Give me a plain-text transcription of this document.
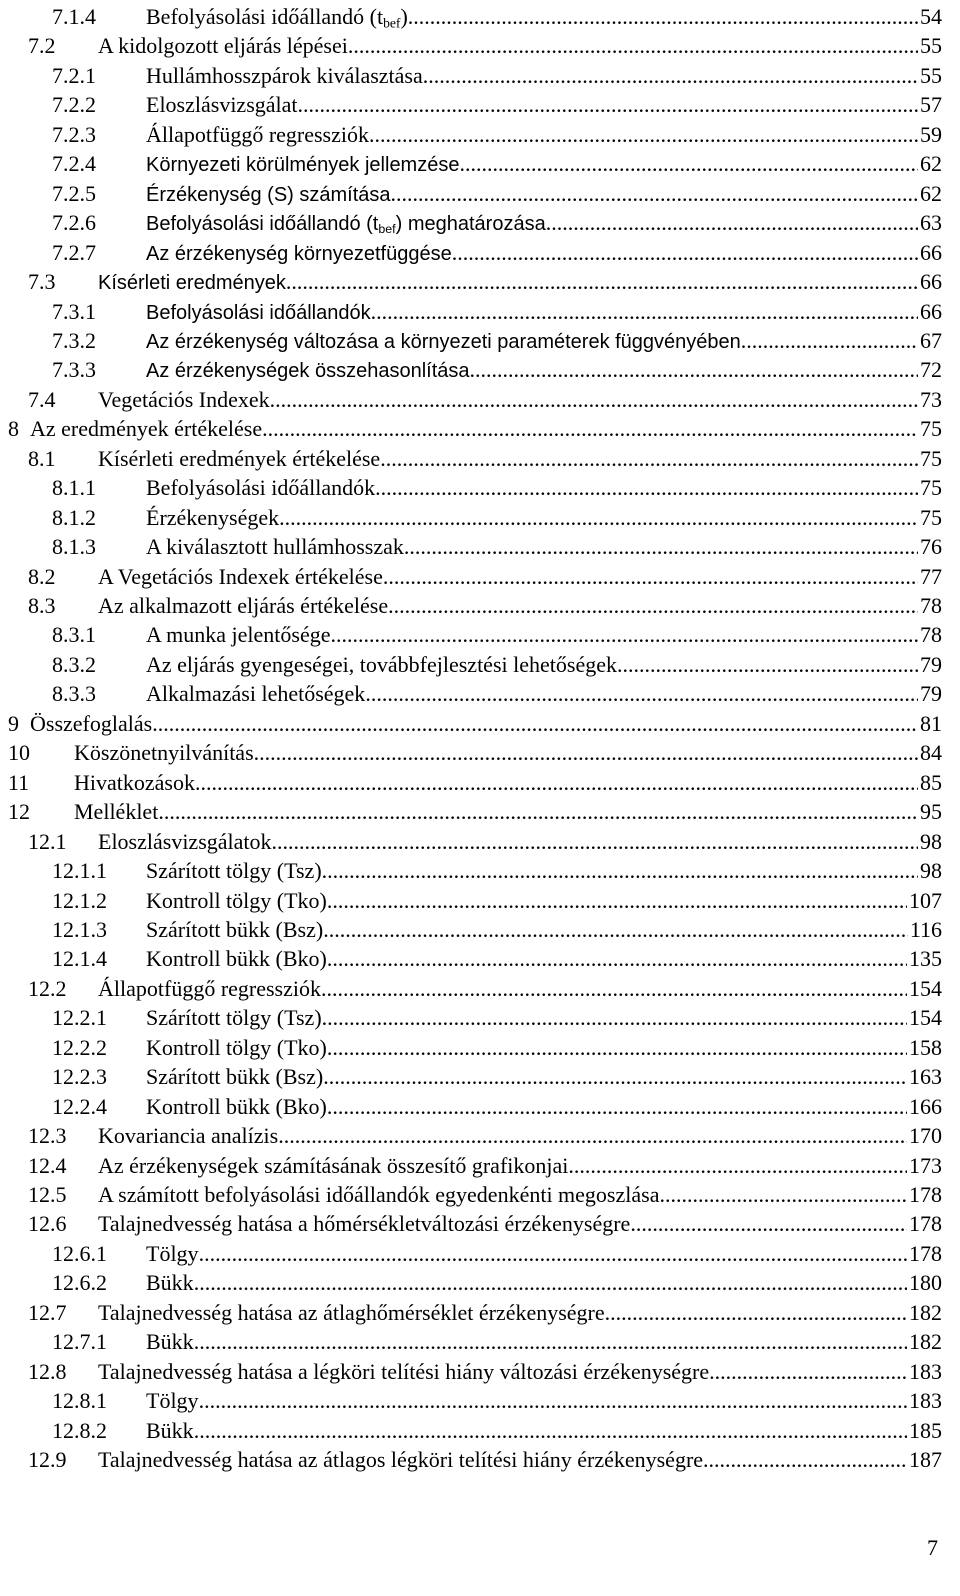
7.1.4 Befolyásolási időállandó $(t_{bef})$ .....	54
7.2 A kidolgozott eljárás lépései .....	55
7.2.1 Hullámhosszpárok kiválasztása .....	55
7.2.2 Eloszlásvizsgálat .....	57
7.2.3 Állapotfüggő regressziók .....	59
7.2.4	Környezeti körülmények jellemzése .....	62
7.2.5	Érzékenység (S) számítása .....	62
7.2.6	Befolyásolási időállandó $(t_{bef})$ meghatározása .....	63
7.2.7	Az érzékenység környezetfüggése .....	66
7.3 Kísérleti eredmények .....	66
7.3.1	Befolyásolási időállandók .....	66
7.3.2	Az érzékenység változása a környezeti paraméterek függvényében .....	67
7.3.3	Az érzékenységek összehasonlítása .....	72
7.4 Vegetációs Indexek .....	73
8 Az eredmények értékelése .....	75
8.1 Kísérleti eredmények értékelése .....	75
8.1.1 Befolyásolási időállandók .....	75
8.1.2 Érzékenységek .....	75
8.1.3 A kiválasztott hullámhosszak .....	76
8.2 A Vegetációs Indexek értékelése .....	77
8.3 Az alkalmazott eljárás értékelése .....	78
8.3.1 A munka jelentősége .....	78
8.3.2 Az eljárás gyengeségei, továbbfejlesztési lehetőségek .....	79
8.3.3 Alkalmazási lehetőségek .....	79
9 Összefoglalás .....	81
10 Köszönetnyilvánítás .....	84
11 Hivatkozások .....	85
12 Melléklet .....	95
12.1 Eloszlásvizsgálatok .....	98
12.1.1 Szárított tölgy (Tsz) .....	98
12.1.2 Kontroll tölgy (Tko) .....	107
12.1.3 Szárított bükk (Bsz) .....	116
12.1.4 Kontroll bükk (Bko) .....	135
12.2 Állapotfüggő regressziók .....	154
12.2.1 Szárított tölgy (Tsz) .....	154
12.2.2 Kontroll tölgy (Tko) .....	158
12.2.3 Szárított bükk (Bsz) .....	163
12.2.4 Kontroll bükk (Bko) .....	166
12.3 Kovariancia analízis .....	170
12.4 Az érzékenységek számításának összesítő grafikonjai .....	173
12.5 A számított befolyásolási időállandók egyedenkénti megoszlása .....	178
12.6 Talajnedvesség hatása a hőmérsékletváltozási érzékenységre .....	178
12.6.1 Tölgy .....	178
12.6.2 Bükk .....	180
12.7 Talajnedvesség hatása az átlaghőmérséklet érzékenységre .....	182
12.7.1 Bükk .....	182
12.8 Talajnedvesség hatása a légköri telítési hiány változási érzékenységre .....	183
12.8.1 Tölgy .....	183
12.8.2 Bükk .....	185
12.9 Talajnedvesség hatása az átlagos légköri telítési hiány érzékenységre .....	187
7
